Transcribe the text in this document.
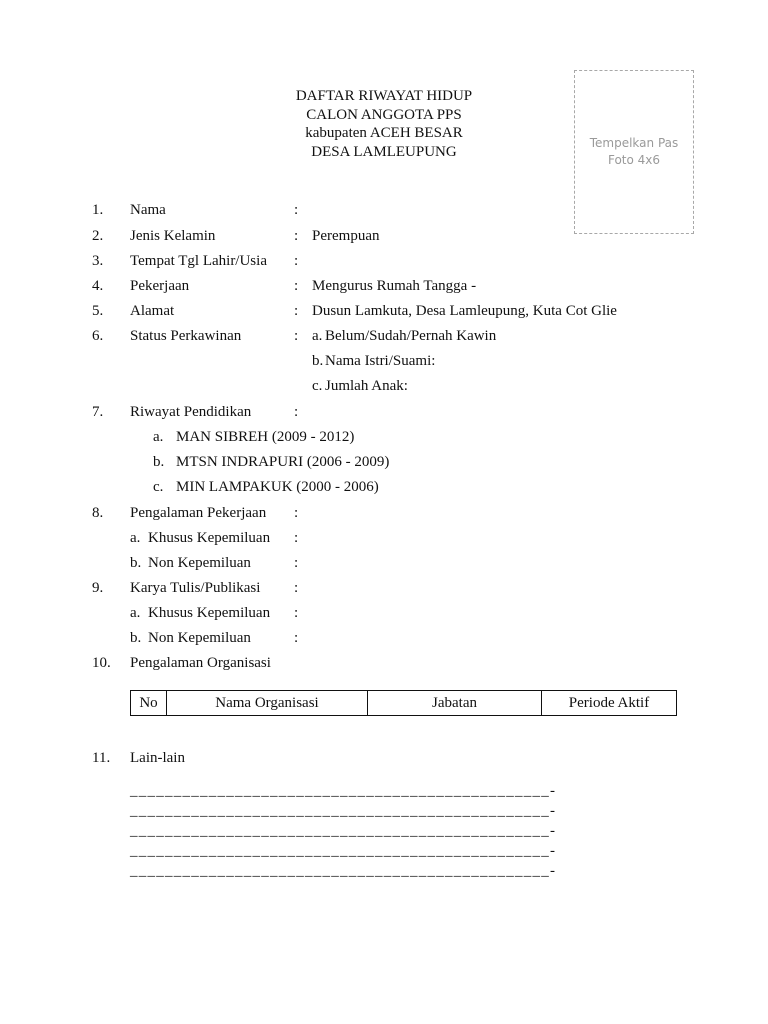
DAFTAR RIWAYAT HIDUP
CALON ANGGOTA PPS
kabupaten ACEH BESAR
DESA LAMLEUPUNG
Tempelkan Pas
Foto 4x6
1. Nama	:
2. Jenis Kelamin	: Perempuan
3. Tempat Tgl Lahir/Usia :
4. Pekerjaan	: Mengurus Rumah Tangga -
5. Alamat	: Dusun Lamkuta, Desa Lamleupung, Kuta Cot Glie
6. Status Perkawinan	: a. Belum/Sudah/Pernah Kawin
b. Nama Istri/Suami:
c. Jumlah Anak:
7. Riwayat Pendidikan	:
a. MAN SIBREH (2009 - 2012)
b. MTSN INDRAPURI (2006 - 2009)
c. MIN LAMPAKUK (2000 - 2006)
8. Pengalaman Pekerjaan :
a. Khusus Kepemiluan :
b. Non Kepemiluan	:
9. Karya Tulis/Publikasi :
a. Khusus Kepemiluan :
b. Non Kepemiluan	:
10. Pengalaman Organisasi
No	Nama Organisasi	Jabatan	Periode Aktif
11. Lain-lain
________________________________________________-
________________________________________________-
________________________________________________-
________________________________________________-
________________________________________________-
